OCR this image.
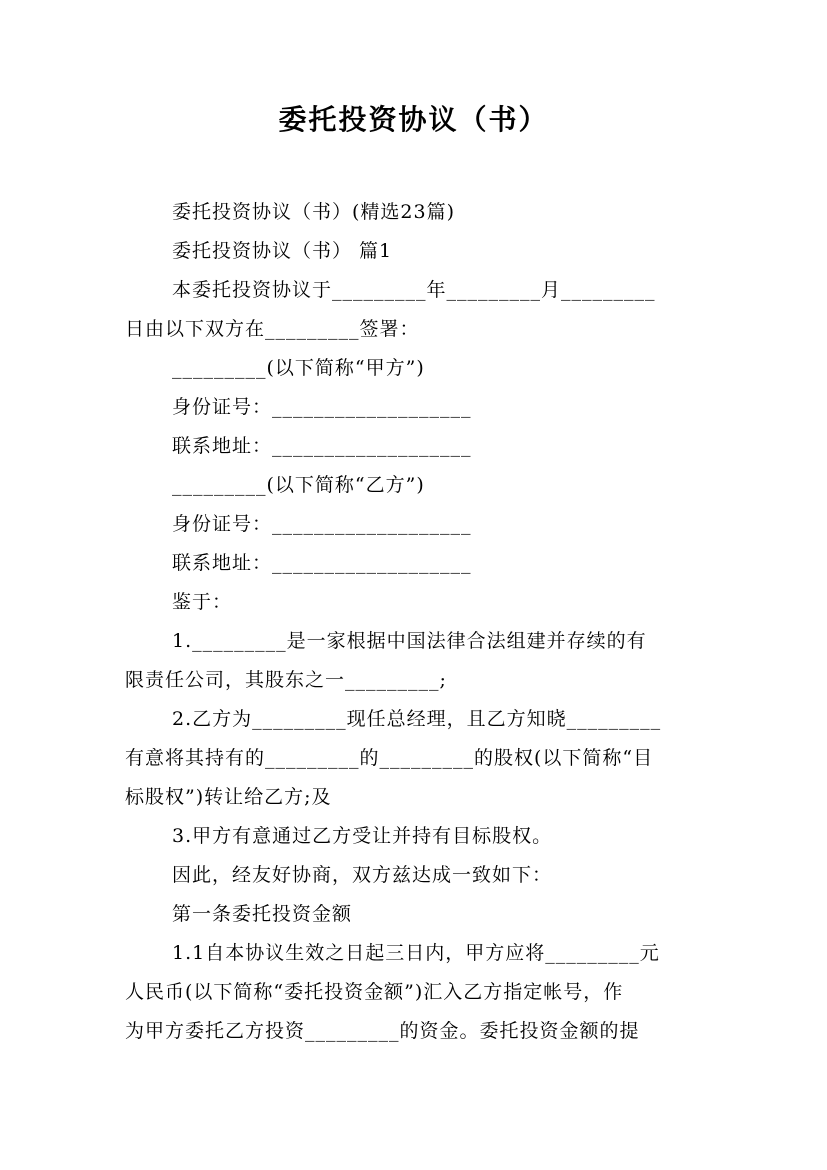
委托投资协议（书）
委托投资协议（书）(精选23篇)
委托投资协议（书） 篇1
本委托投资协议于_________年_________月_________
日由以下双方在_________签署：
_________(以下简称“甲方”)
身份证号：___________________
联系地址：___________________
_________(以下简称“乙方”)
身份证号：___________________
联系地址：___________________
鉴于：
1._________是一家根据中国法律合法组建并存续的有
限责任公司，其股东之一_________;
2.乙方为_________现任总经理，且乙方知晓_________
有意将其持有的_________的_________的股权(以下简称“目
标股权”)转让给乙方;及
3.甲方有意通过乙方受让并持有目标股权。
因此，经友好协商，双方兹达成一致如下：
第一条委托投资金额
1.1自本协议生效之日起三日内，甲方应将_________元
人民币(以下简称“委托投资金额”)汇入乙方指定帐号，作
为甲方委托乙方投资_________的资金。委托投资金额的提
